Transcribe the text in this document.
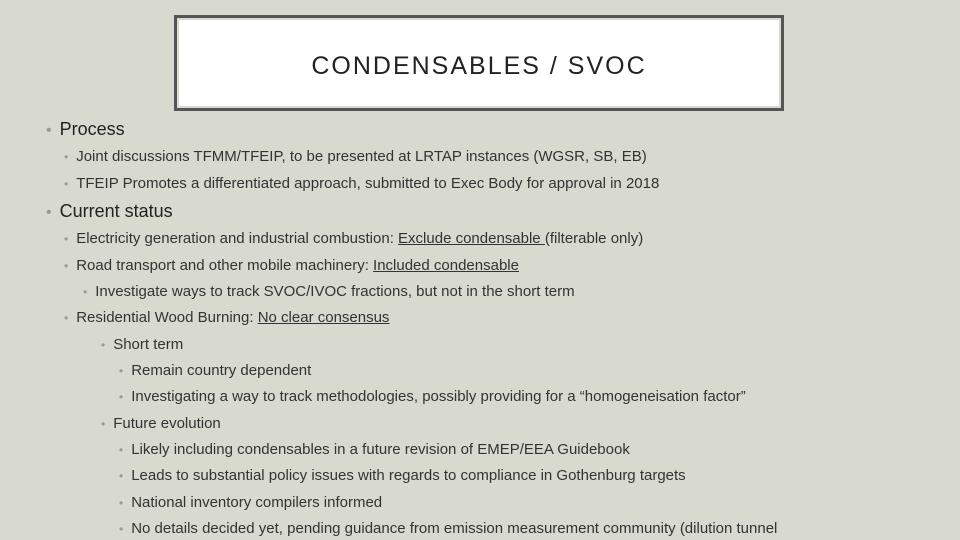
CONDENSABLES / SVOC
• Process
• Joint discussions TFMM/TFEIP, to be presented at LRTAP instances (WGSR, SB, EB)
• TFEIP Promotes a differentiated approach, submitted to Exec Body for approval in 2018
• Current status
• Electricity generation and industrial combustion: Exclude condensable (filterable only)
• Road transport and other mobile machinery: Included condensable
• Investigate ways to track SVOC/IVOC fractions, but not in the short term
• Residential Wood Burning: No clear consensus
• Short term
• Remain country dependent
• Investigating a way to track methodologies, possibly providing for a “homogeneisation factor”
• Future evolution
• Likely including condensables in a future revision of EMEP/EEA Guidebook
• Leads to substantial policy issues with regards to compliance in Gothenburg targets
• National inventory compilers informed
• No details decided yet, pending guidance from emission measurement community (dilution tunnel
